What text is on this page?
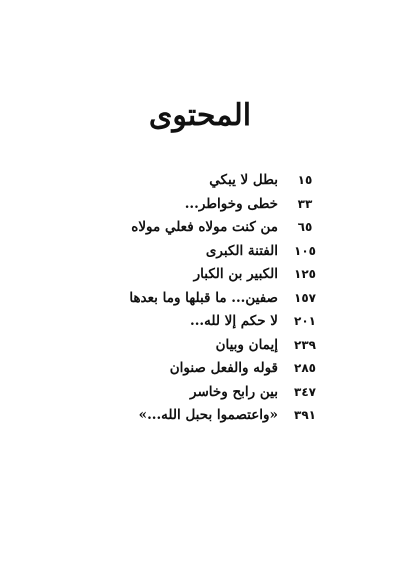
المحتوى
١٥
بطل لا يبكي
٣٣
خطى وخواطر...
٦٥
من كنت مولاه فعلي مولاه
١٠٥
الفتنة الكبرى
١٢٥
الكبير بن الكبار
١٥٧
صفين... ما قبلها وما بعدها
٢٠١
لا حكم إلا لله...
٢٣٩
إيمان وبيان
٢٨٥
قوله والفعل صنوان
٣٤٧
بين رابح وخاسر
٣٩١
«واعتصموا بحبل الله...»
